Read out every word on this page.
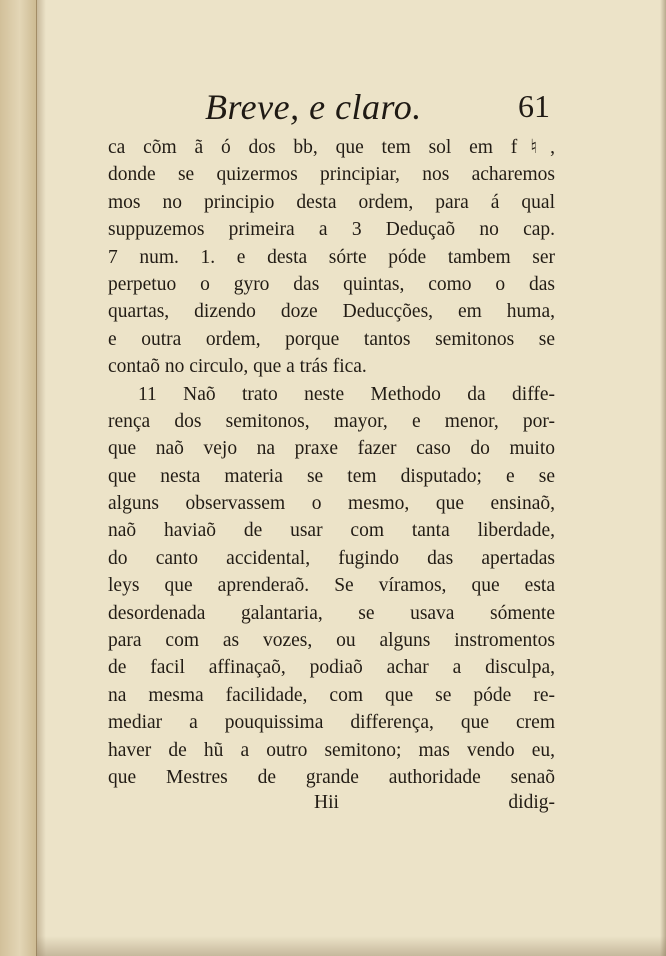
Breve, e claro.	61
ca cõm ã ó dos bb, que tem sol em f♮,
donde se quizermos principiar, nos acharemos
mos no principio desta ordem, para á qual
suppuzemos primeira a 3 Deduçaõ no cap.
7 num. 1. e desta sórte póde tambem ser
perpetuo o gyro das quintas, como o das
quartas, dizendo doze Deducções, em huma,
e outra ordem, porque tantos semitonos se
contaõ no circulo, que a trás fica.
11 Naõ trato neste Methodo da diffe-
rença dos semitonos, mayor, e menor, por-
que naõ vejo na praxe fazer caso do muito
que nesta materia se tem disputado; e se
alguns observassem o mesmo, que ensinaõ,
naõ haviaõ de usar com tanta liberdade,
do canto accidental, fugindo das apertadas
leys que aprenderaõ. Se víramos, que esta
desordenada galantaria, se usava sómente
para com as vozes, ou alguns instromentos
de facil affinaçaõ, podiaõ achar a disculpa,
na mesma facilidade, com que se póde re-
mediar a pouquissima differença, que crem
haver de hũ a outro semitono; mas vendo eu,
que Mestres de grande authoridade senaõ
Hii	didig-
